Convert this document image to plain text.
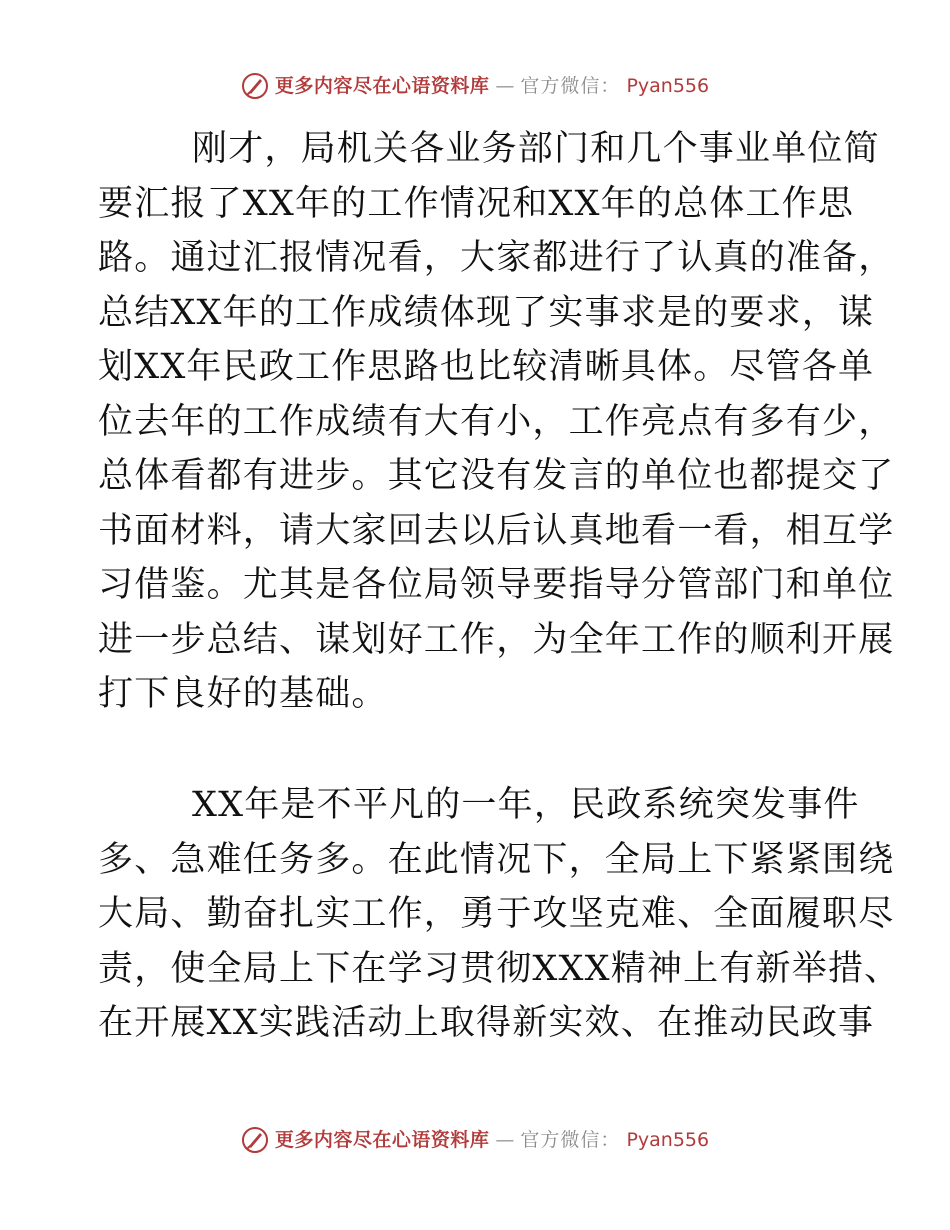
更多内容尽在心语资料库 — 官方微信： Pyan556
刚才，局机关各业务部门和几个事业单位简
要汇报了XX年的工作情况和XX年的总体工作思
路。通过汇报情况看，大家都进行了认真的准备，
总结XX年的工作成绩体现了实事求是的要求，谋
划XX年民政工作思路也比较清晰具体。尽管各单
位去年的工作成绩有大有小，工作亮点有多有少，
总体看都有进步。其它没有发言的单位也都提交了
书面材料，请大家回去以后认真地看一看，相互学
习借鉴。尤其是各位局领导要指导分管部门和单位
进一步总结、谋划好工作，为全年工作的顺利开展
打下良好的基础。
XX年是不平凡的一年，民政系统突发事件
多、急难任务多。在此情况下，全局上下紧紧围绕
大局、勤奋扎实工作，勇于攻坚克难、全面履职尽
责，使全局上下在学习贯彻XXX精神上有新举措、
在开展XX实践活动上取得新实效、在推动民政事
更多内容尽在心语资料库 — 官方微信： Pyan556
